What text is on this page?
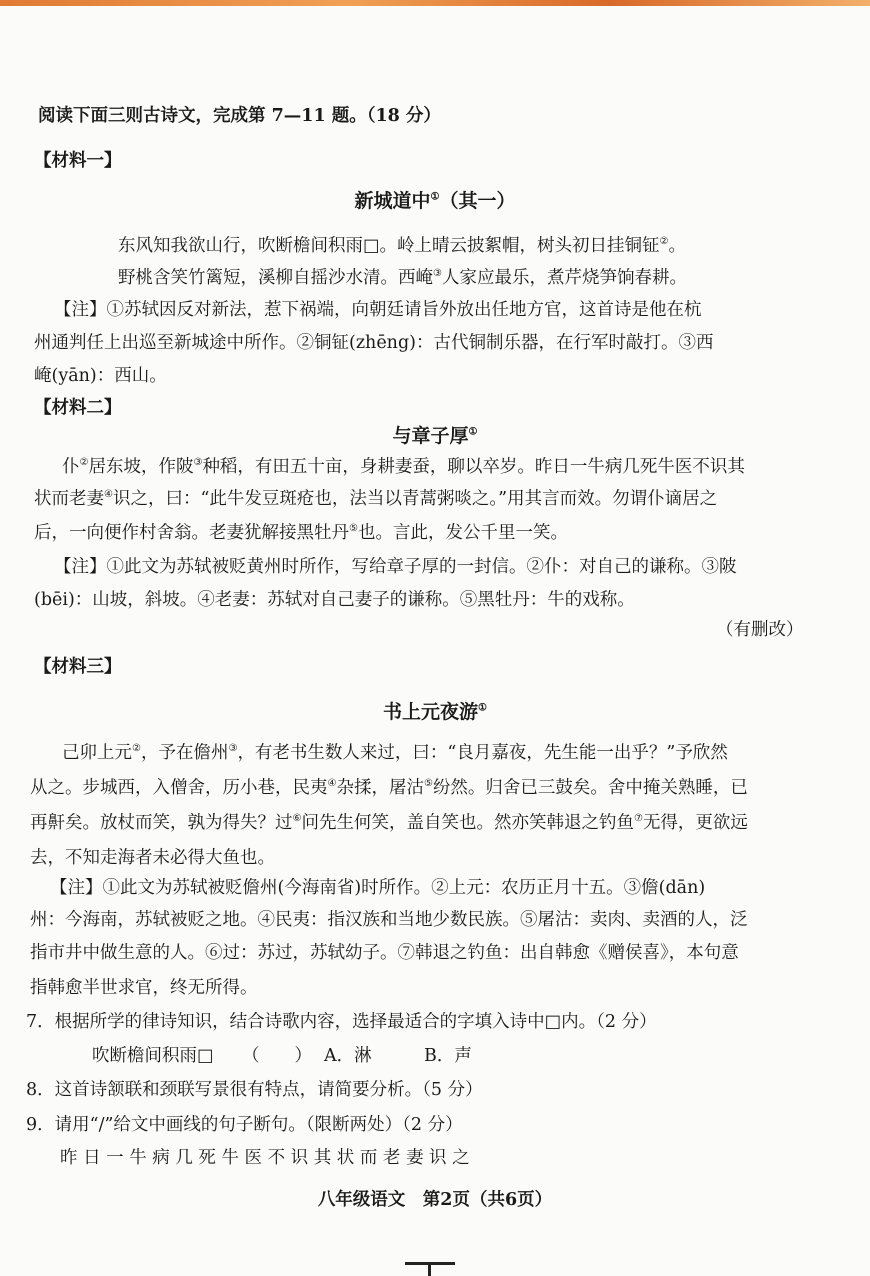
阅读下面三则古诗文，完成第 7—11 题。（18 分）
【材料一】
新城道中①（其一）
东风知我欲山行，吹断檐间积雨□。岭上晴云披絮帽，树头初日挂铜钲②。
野桃含笑竹篱短，溪柳自摇沙水清。西崦③人家应最乐，煮芹烧笋饷春耕。
【注】①苏轼因反对新法，惹下祸端，向朝廷请旨外放出任地方官，这首诗是他在杭
州通判任上出巡至新城途中所作。②铜钲(zhēng)：古代铜制乐器，在行军时敲打。③西
崦(yān)：西山。
【材料二】
与章子厚①
仆②居东坡，作陂③种稻，有田五十亩，身耕妻蚕，聊以卒岁。昨日一牛病几死牛医不识其
状而老妻④识之，曰：“此牛发豆斑疮也，法当以青蒿粥啖之。”用其言而效。勿谓仆谪居之
后，一向便作村舍翁。老妻犹解接黑牡丹⑤也。言此，发公千里一笑。
【注】①此文为苏轼被贬黄州时所作，写给章子厚的一封信。②仆：对自己的谦称。③陂
(bēi)：山坡，斜坡。④老妻：苏轼对自己妻子的谦称。⑤黑牡丹：牛的戏称。
（有删改）
【材料三】
书上元夜游①
己卯上元②，予在儋州③，有老书生数人来过，曰：“良月嘉夜，先生能一出乎？”予欣然
从之。步城西，入僧舍，历小巷，民夷④杂揉，屠沽⑤纷然。归舍已三鼓矣。舍中掩关熟睡，已
再鼾矣。放杖而笑，孰为得失？过⑥问先生何笑，盖自笑也。然亦笑韩退之钓鱼⑦无得，更欲远
去，不知走海者未必得大鱼也。
【注】①此文为苏轼被贬儋州(今海南省)时所作。②上元：农历正月十五。③儋(dān)
州：今海南，苏轼被贬之地。④民夷：指汉族和当地少数民族。⑤屠沽：卖肉、卖酒的人，泛
指市井中做生意的人。⑥过：苏过，苏轼幼子。⑦韩退之钓鱼：出自韩愈《赠侯喜》，本句意
指韩愈半世求官，终无所得。
7．根据所学的律诗知识，结合诗歌内容，选择最适合的字填入诗中□内。（2 分）
吹断檐间积雨□ （　　） A．淋	B．声
8．这首诗颔联和颈联写景很有特点，请简要分析。（5 分）
9．请用“/”给文中画线的句子断句。（限断两处）（2 分）
昨 日 一 牛 病 几 死 牛 医 不 识 其 状 而 老 妻 识 之
八年级语文　第2页（共6页）
